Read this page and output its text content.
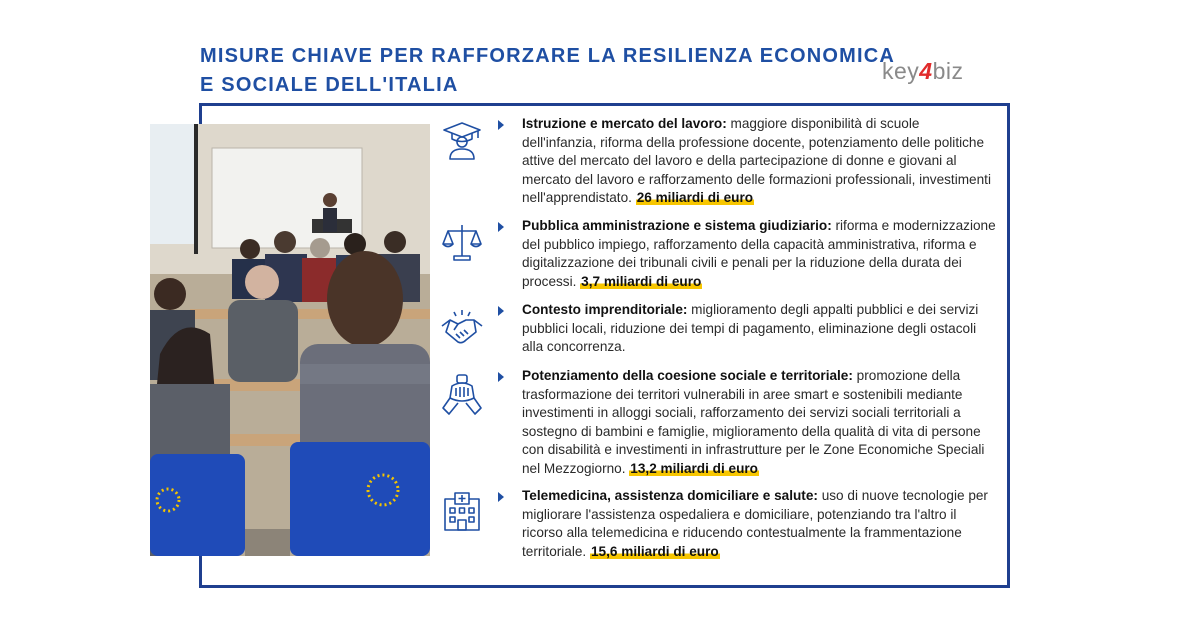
MISURE CHIAVE PER RAFFORZARE LA RESILIENZA ECONOMICA
E SOCIALE DELL'ITALIA
key4biz

Istruzione e mercato del lavoro: maggiore disponibilità di scuole dell'infanzia, riforma della professione docente, potenziamento delle politiche attive del mercato del lavoro e della partecipazione di donne e giovani al mercato del lavoro e rafforzamento delle formazioni professionali, investimenti nell'apprendistato. 26 miliardi di euro

Pubblica amministrazione e sistema giudiziario: riforma e modernizzazione del pubblico impiego, rafforzamento della capacità amministrativa, riforma e digitalizzazione dei tribunali civili e penali per la riduzione della durata dei processi. 3,7 miliardi di euro

Contesto imprenditoriale: miglioramento degli appalti pubblici e dei servizi pubblici locali, riduzione dei tempi di pagamento, eliminazione degli ostacoli alla concorrenza.

Potenziamento della coesione sociale e territoriale: promozione della trasformazione dei territori vulnerabili in aree smart e sostenibili mediante investimenti in alloggi sociali, rafforzamento dei servizi sociali territoriali a sostegno di bambini e famiglie, miglioramento della qualità di vita di persone con disabilità e investimenti in infrastrutture per le Zone Economiche Speciali nel Mezzogiorno. 13,2 miliardi di euro

Telemedicina, assistenza domiciliare e salute: uso di nuove tecnologie per migliorare l'assistenza ospedaliera e domiciliare, potenziando tra l'altro il ricorso alla telemedicina e riducendo contestualmente la frammentazione territoriale. 15,6 miliardi di euro
